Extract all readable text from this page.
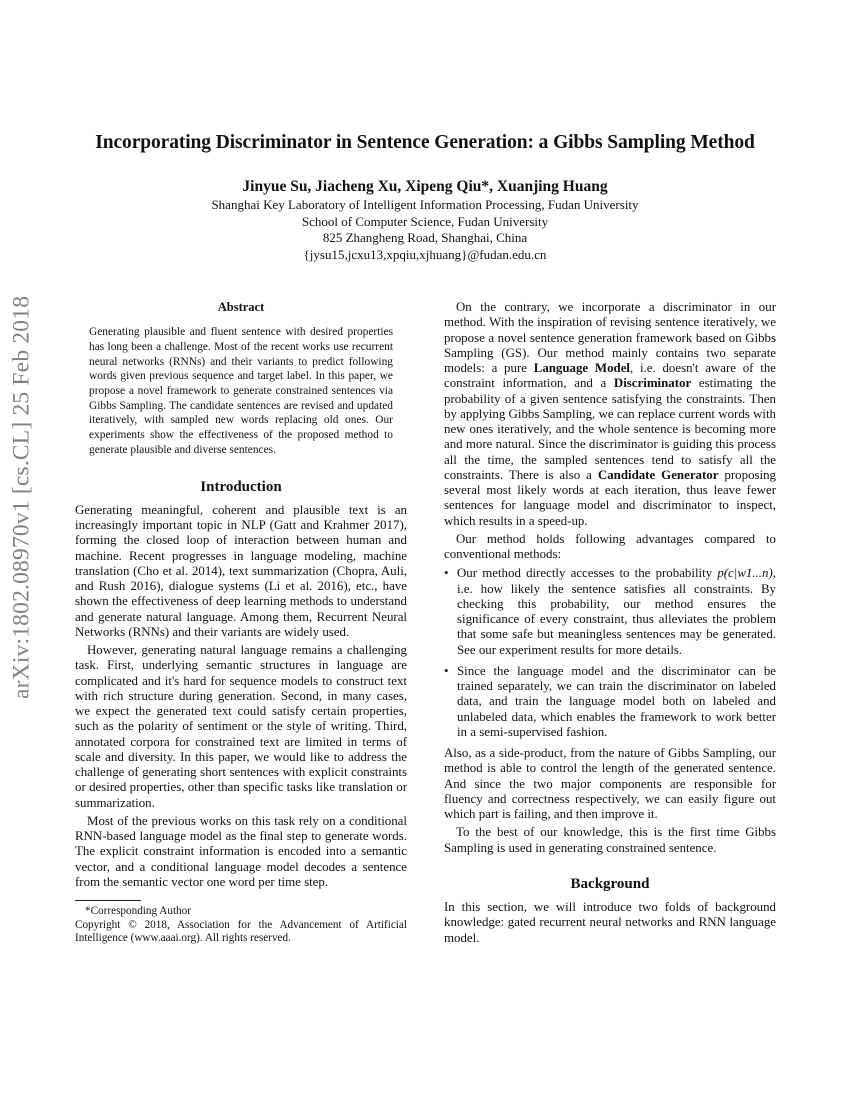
arXiv:1802.08970v1 [cs.CL] 25 Feb 2018
Incorporating Discriminator in Sentence Generation: a Gibbs Sampling Method
Jinyue Su, Jiacheng Xu, Xipeng Qiu*, Xuanjing Huang
Shanghai Key Laboratory of Intelligent Information Processing, Fudan University
School of Computer Science, Fudan University
825 Zhangheng Road, Shanghai, China
{jysu15,jcxu13,xpqiu,xjhuang}@fudan.edu.cn
Abstract

Generating plausible and fluent sentence with desired properties has long been a challenge. Most of the recent works use recurrent neural networks (RNNs) and their variants to predict following words given previous sequence and target label. In this paper, we propose a novel framework to generate constrained sentences via Gibbs Sampling. The candidate sentences are revised and updated iteratively, with sampled new words replacing old ones. Our experiments show the effectiveness of the proposed method to generate plausible and diverse sentences.

Introduction

Generating meaningful, coherent and plausible text is an increasingly important topic in NLP (Gatt and Krahmer 2017), forming the closed loop of interaction between human and machine. Recent progresses in language modeling, machine translation (Cho et al. 2014), text summarization (Chopra, Auli, and Rush 2016), dialogue systems (Li et al. 2016), etc., have shown the effectiveness of deep learning methods to understand and generate natural language. Among them, Recurrent Neural Networks (RNNs) and their variants are widely used.

However, generating natural language remains a challenging task. First, underlying semantic structures in language are complicated and it's hard for sequence models to construct text with rich structure during generation. Second, in many cases, we expect the generated text could satisfy certain properties, such as the polarity of sentiment or the style of writing. Third, annotated corpora for constrained text are limited in terms of scale and diversity. In this paper, we would like to address the challenge of generating short sentences with explicit constraints or desired properties, other than specific tasks like translation or summarization.

Most of the previous works on this task rely on a conditional RNN-based language model as the final step to generate words. The explicit constraint information is encoded into a semantic vector, and a conditional language model decodes a sentence from the semantic vector one word per time step.

*Corresponding Author
Copyright © 2018, Association for the Advancement of Artificial Intelligence (www.aaai.org). All rights reserved.

On the contrary, we incorporate a discriminator in our method. With the inspiration of revising sentence iteratively, we propose a novel sentence generation framework based on Gibbs Sampling (GS). Our method mainly contains two separate models: a pure Language Model, i.e. doesn't aware of the constraint information, and a Discriminator estimating the probability of a given sentence satisfying the constraints. Then by applying Gibbs Sampling, we can replace current words with new ones iteratively, and the whole sentence is becoming more and more natural. Since the discriminator is guiding this process all the time, the sampled sentences tend to satisfy all the constraints. There is also a Candidate Generator proposing several most likely words at each iteration, thus leave fewer sentences for language model and discriminator to inspect, which results in a speed-up.

Our method holds following advantages compared to conventional methods:

• Our method directly accesses to the probability p(c|w1...n), i.e. how likely the sentence satisfies all constraints. By checking this probability, our method ensures the significance of every constraint, thus alleviates the problem that some safe but meaningless sentences may be generated. See our experiment results for more details.
• Since the language model and the discriminator can be trained separately, we can train the discriminator on labeled data, and train the language model both on labeled and unlabeled data, which enables the framework to work better in a semi-supervised fashion.

Also, as a side-product, from the nature of Gibbs Sampling, our method is able to control the length of the generated sentence. And since the two major components are responsible for fluency and correctness respectively, we can easily figure out which part is failing, and then improve it.

To the best of our knowledge, this is the first time Gibbs Sampling is used in generating constrained sentence.

Background

In this section, we will introduce two folds of background knowledge: gated recurrent neural networks and RNN language model.
